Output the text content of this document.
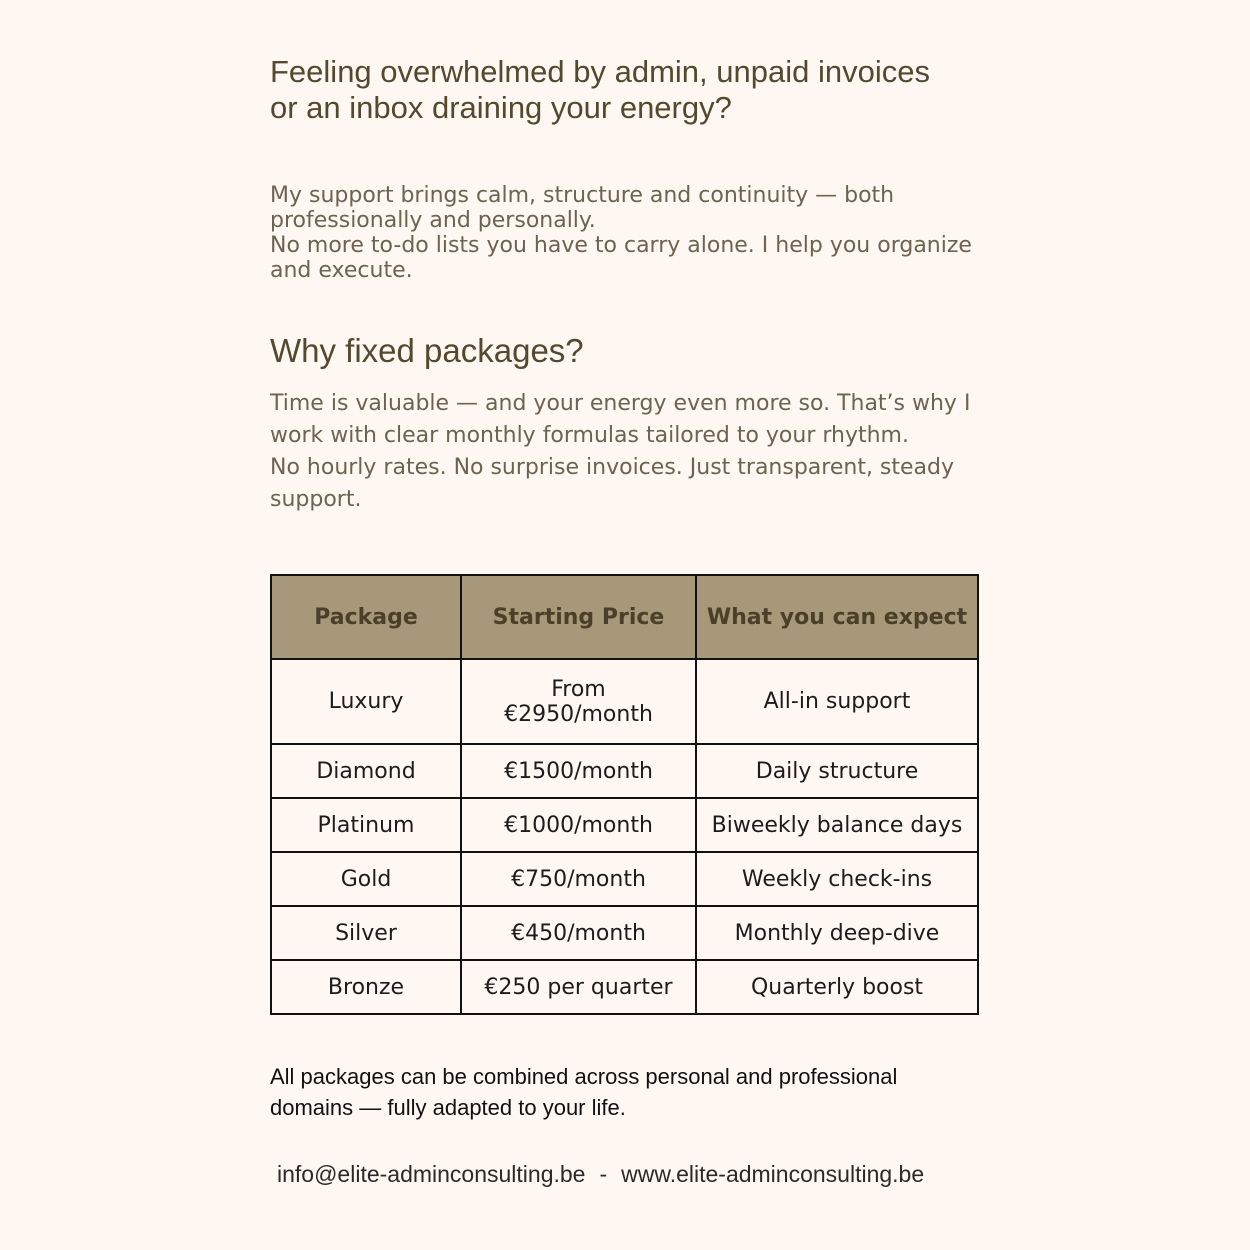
Feeling overwhelmed by admin, unpaid invoices
or an inbox draining your energy?

My support brings calm, structure and continuity — both professionally and personally.
No more to-do lists you have to carry alone. I help you organize and execute.

Why fixed packages?

Time is valuable — and your energy even more so. That’s why I work with clear monthly formulas tailored to your rhythm.
No hourly rates. No surprise invoices. Just transparent, steady support.

Package	Starting Price	What you can expect
Luxury	From €2950/month	All-in support
Diamond	€1500/month	Daily structure
Platinum	€1000/month	Biweekly balance days
Gold	€750/month	Weekly check-ins
Silver	€450/month	Monthly deep-dive
Bronze	€250 per quarter	Quarterly boost

All packages can be combined across personal and professional domains — fully adapted to your life.

info@elite-adminconsulting.be - www.elite-adminconsulting.be
